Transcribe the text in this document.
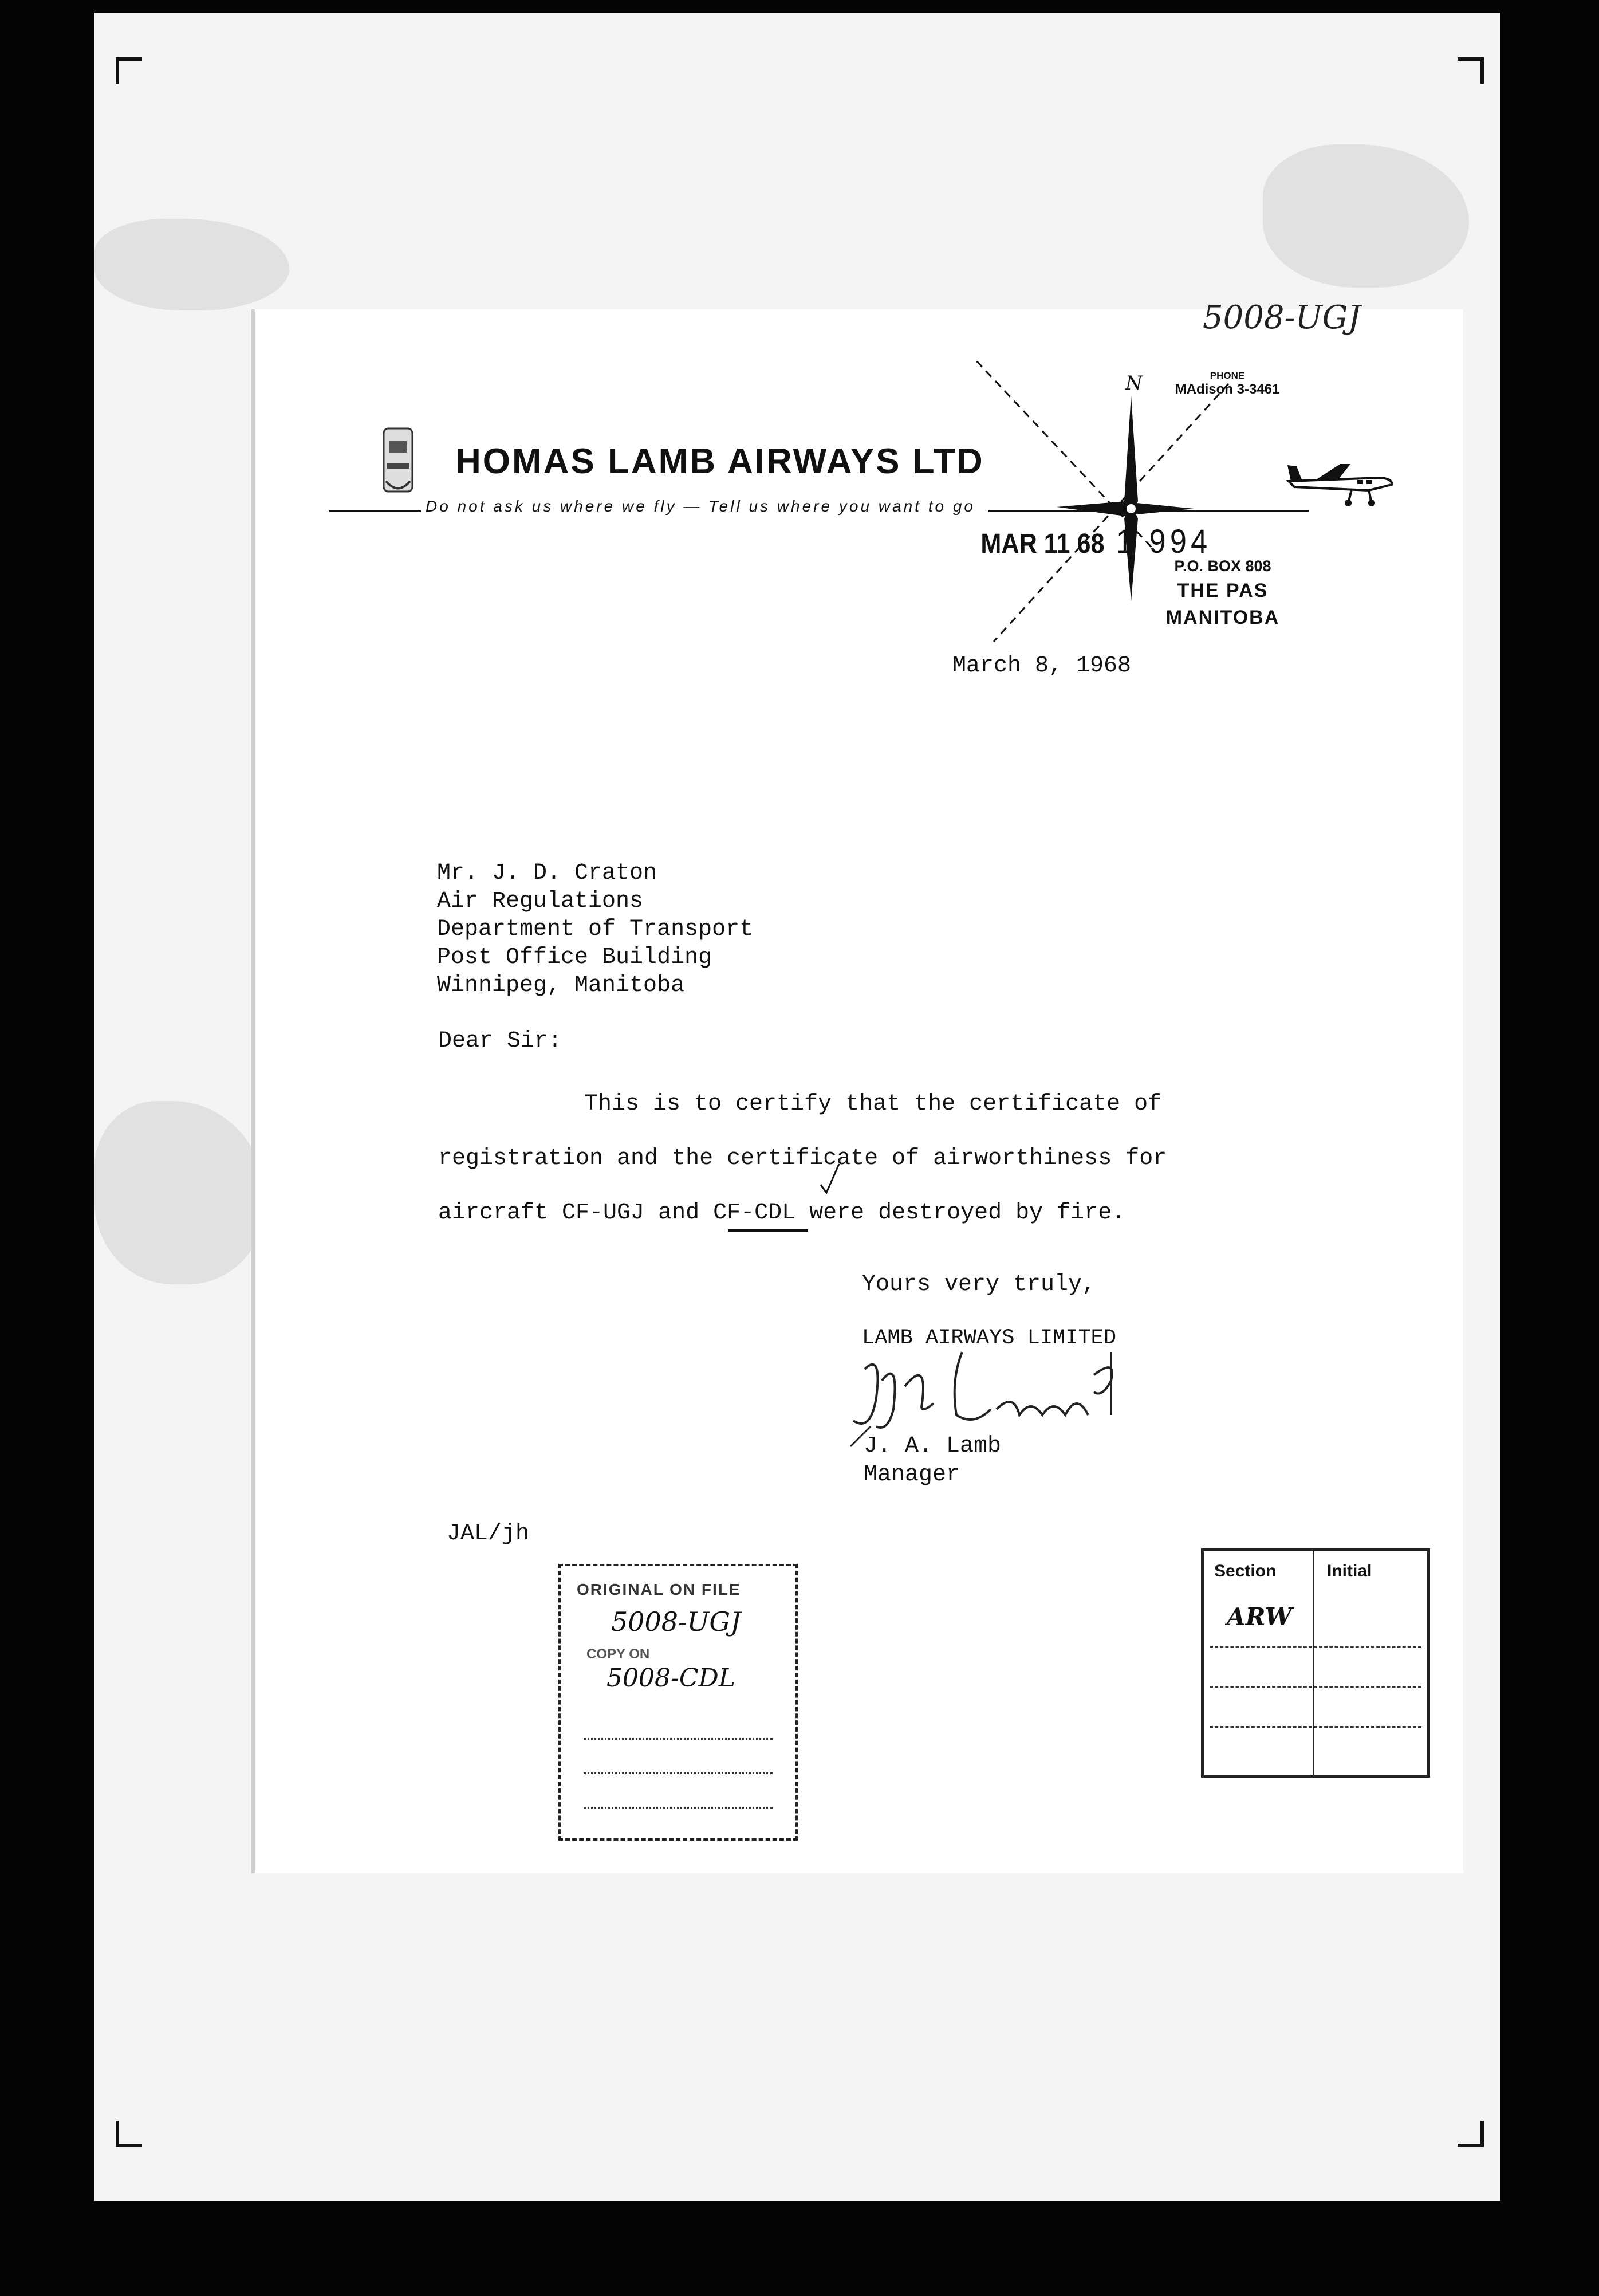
5008-UGJ
HOMAS LAMB AIRWAYS LTD
Do not ask us where we fly — Tell us where you want to go
PHONE
MAdison 3-3461
N
MAR 11 68 1 994
P.O. BOX 808
THE PAS
MANITOBA
March 8, 1968
Mr. J. D. Craton
Air Regulations
Department of Transport
Post Office Building
Winnipeg, Manitoba
Dear Sir:
This is to certify that the certificate of registration and the certificate of airworthiness for aircraft CF-UGJ and CF-CDL were destroyed by fire.
Yours very truly,
LAMB AIRWAYS LIMITED
J. A. Lamb
Manager
JAL/jh
ORIGINAL ON FILE
5008-UGJ
COPY ON
5008-CDL
Section	Initial
ARW
